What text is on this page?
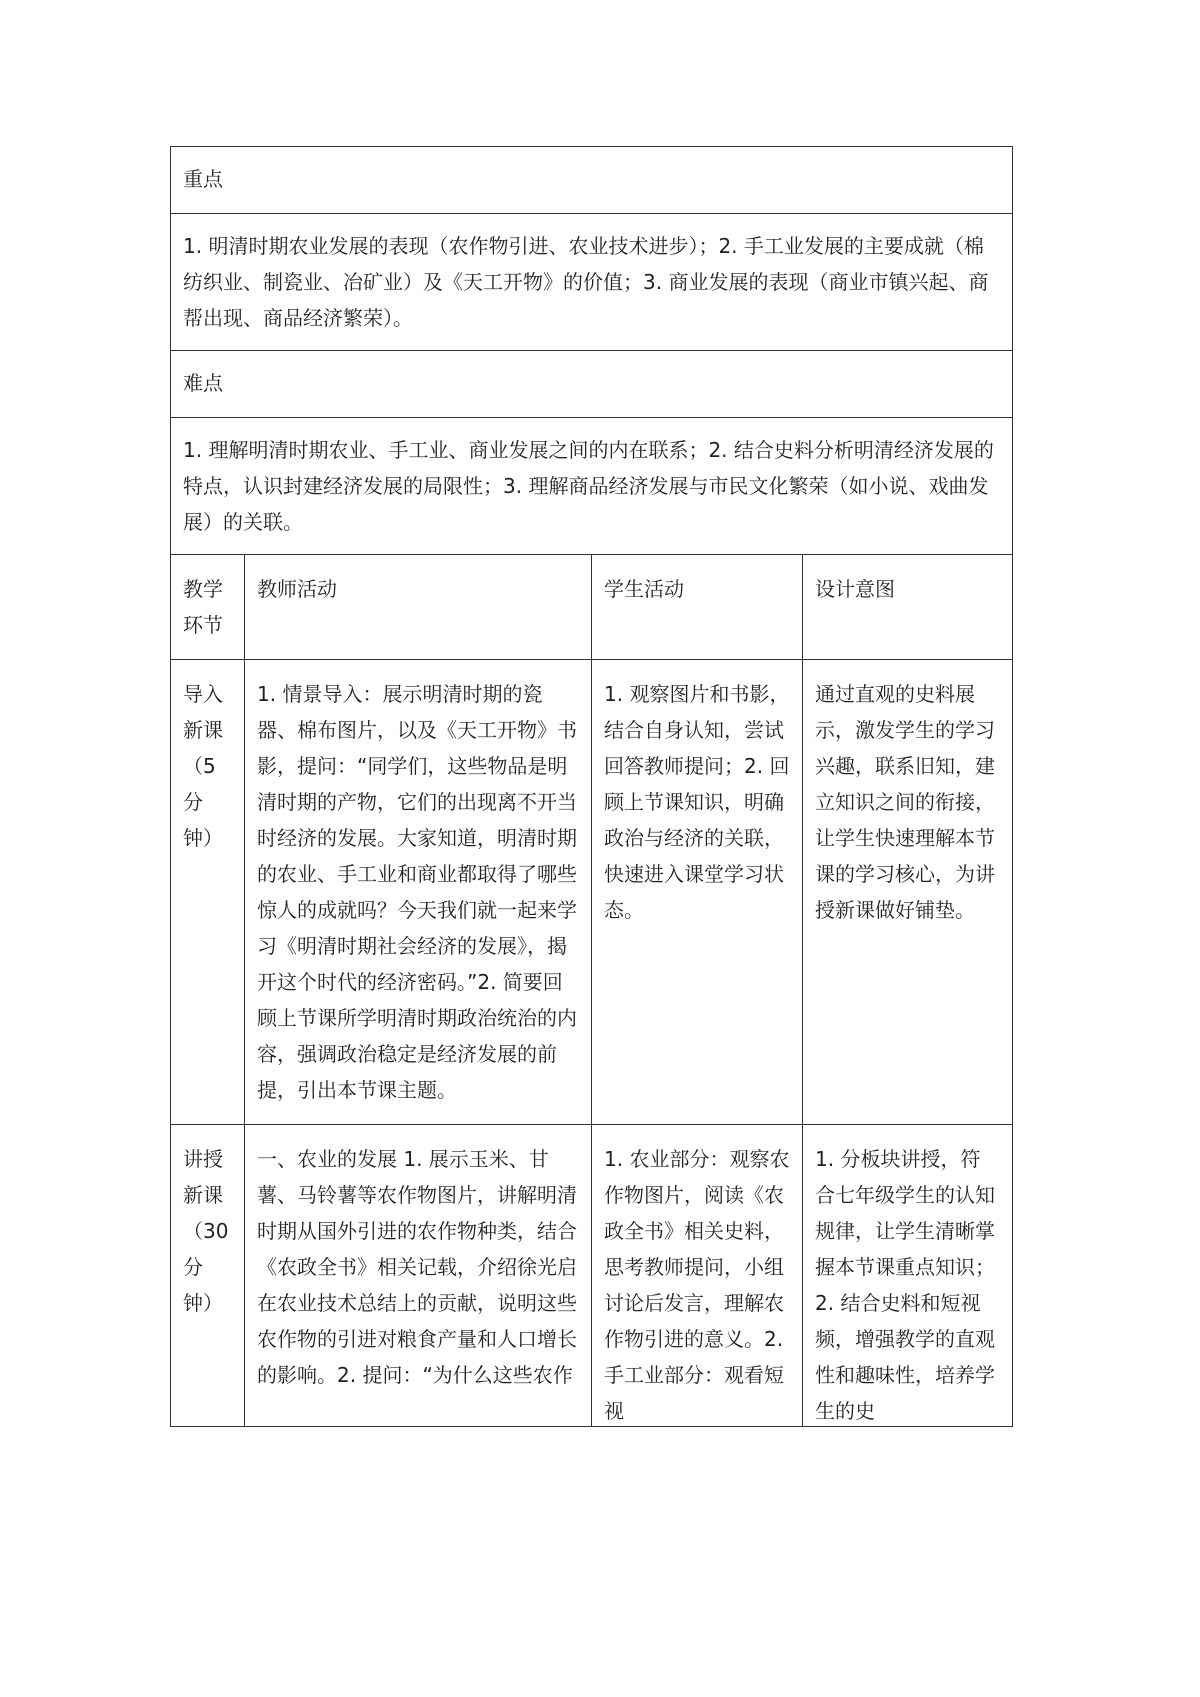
重点			
1. 明清时期农业发展的表现（农作物引进、农业技术进步）；2. 手工业发展的主要成就（棉纺织业、制瓷业、冶矿业）及《天工开物》的价值；3. 商业发展的表现（商业市镇兴起、商帮出现、商品经济繁荣）。			
难点			
1. 理解明清时期农业、手工业、商业发展之间的内在联系；2. 结合史料分析明清经济发展的特点，认识封建经济发展的局限性；3. 理解商品经济发展与市民文化繁荣（如小说、戏曲发展）的关联。			
教学环节	教师活动	学生活动	设计意图
导入新课（5分钟）	1. 情景导入：展示明清时期的瓷器、棉布图片，以及《天工开物》书影，提问：“同学们，这些物品是明清时期的产物，它们的出现离不开当时经济的发展。大家知道，明清时期的农业、手工业和商业都取得了哪些惊人的成就吗？今天我们就一起来学习《明清时期社会经济的发展》，揭开这个时代的经济密码。”2. 简要回顾上节课所学明清时期政治统治的内容，强调政治稳定是经济发展的前提，引出本节课主题。	1. 观察图片和书影，结合自身认知，尝试回答教师提问；2. 回顾上节课知识，明确政治与经济的关联，快速进入课堂学习状态。	通过直观的史料展示，激发学生的学习兴趣，联系旧知，建立知识之间的衔接，让学生快速理解本节课的学习核心，为讲授新课做好铺垫。

讲授新课（30分钟）	一、农业的发展 1. 展示玉米、甘薯、马铃薯等农作物图片，讲解明清时期从国外引进的农作物种类，结合《农政全书》相关记载，介绍徐光启在农业技术总结上的贡献，说明这些农作物的引进对粮食产量和人口增长的影响。2. 提问：“为什么这些农作	1. 农业部分：观察农作物图片，阅读《农政全书》相关史料，思考教师提问，小组讨论后发言，理解农作物引进的意义。2. 手工业部分：观看短视	1. 分板块讲授，符合七年级学生的认知规律，让学生清晰掌握本节课重点知识；2. 结合史料和短视频，增强教学的直观性和趣味性，培养学生的史
